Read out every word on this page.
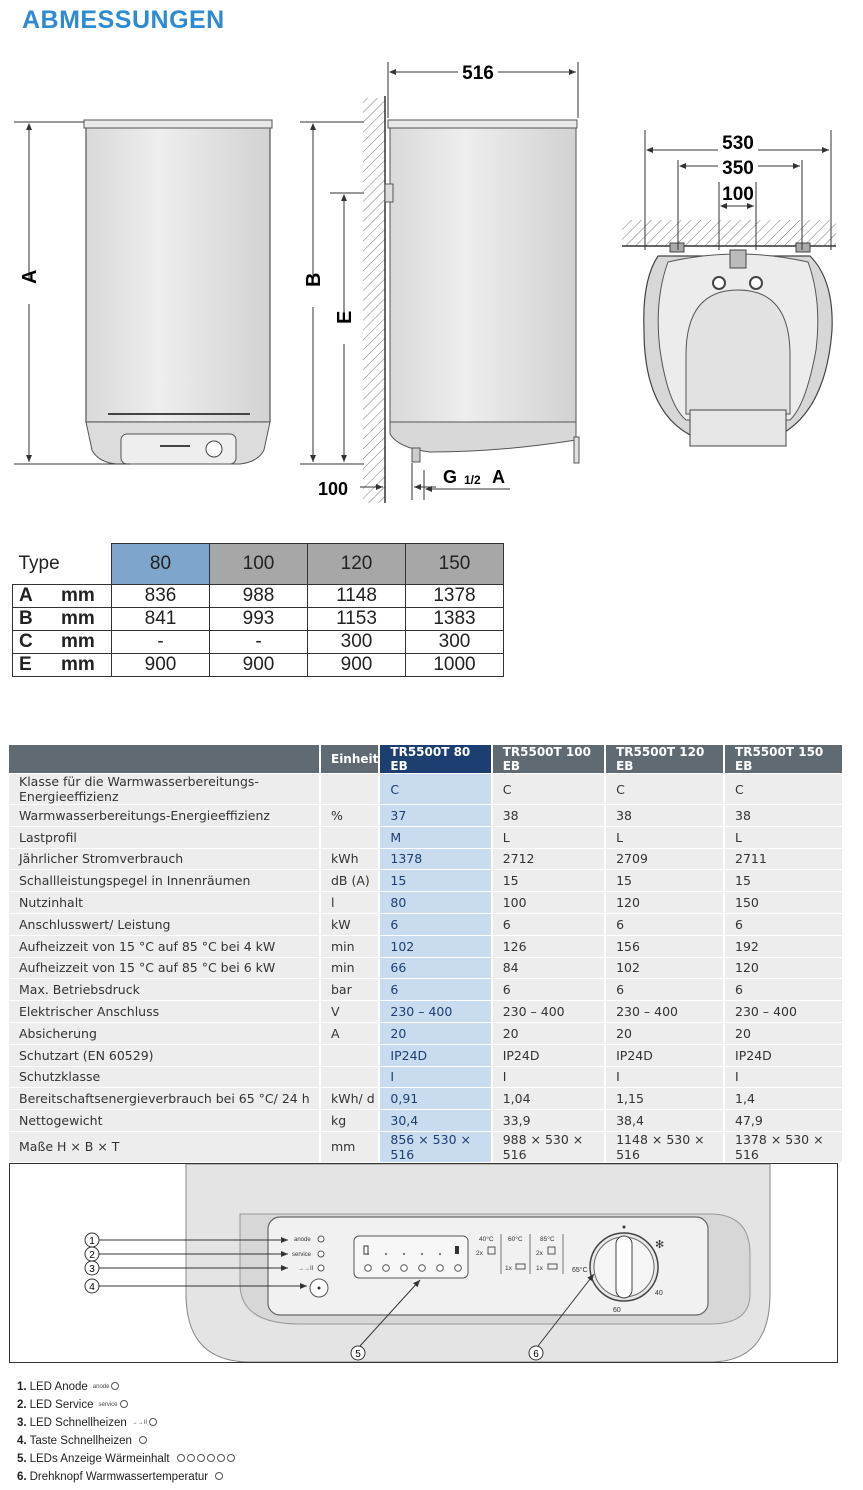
ABMESSUNGEN
A
516
B
E
100
G 1/2 A
530
350
100
Type	80	100	120	150
A mm	836	988	1148	1378
B mm	841	993	1153	1383
C mm	-	-	300	300
E mm	900	900	900	1000
	Einheit	TR5500T 80 EB	TR5500T 100 EB	TR5500T 120 EB	TR5500T 150 EB
Klasse für die Warmwasserbereitungs-Energieeffizienz		C	C	C	C
Warmwasserbereitungs-Energieeffizienz	%	37	38	38	38
Lastprofil		M	L	L	L
Jährlicher Stromverbrauch	kWh	1378	2712	2709	2711
Schallleistungspegel in Innenräumen	dB (A)	15	15	15	15
Nutzinhalt	l	80	100	120	150
Anschlusswert/ Leistung	kW	6	6	6	6
Aufheizzeit von 15 °C auf 85 °C bei 4 kW	min	102	126	156	192
Aufheizzeit von 15 °C auf 85 °C bei 6 kW	min	66	84	102	120
Max. Betriebsdruck	bar	6	6	6	6
Elektrischer Anschluss	V	230 – 400	230 – 400	230 – 400	230 – 400
Absicherung	A	20	20	20	20
Schutzart (EN 60529)		IP24D	IP24D	IP24D	IP24D
Schutzklasse		I	I	I	I
Bereitschaftsenergieverbrauch bei 65 °C/ 24 h	kWh/ d	0,91	1,04	1,15	1,4
Nettogewicht	kg	30,4	33,9	38,4	47,9
Maße H × B × T	mm	856 × 530 × 516	988 × 530 × 516	1148 × 530 × 516	1378 × 530 × 516
anode
service
→→II
40°C 60°C	85°C
2x
1x
2x
1x	65°C
60
40
✻
1
2
3
4
5	6
1. LED Anode anode
2. LED Service service
3. LED Schnellheizen →→II
4. Taste Schnellheizen
5. LEDs Anzeige Wärmeinhalt
6. Drehknopf Warmwassertemperatur
